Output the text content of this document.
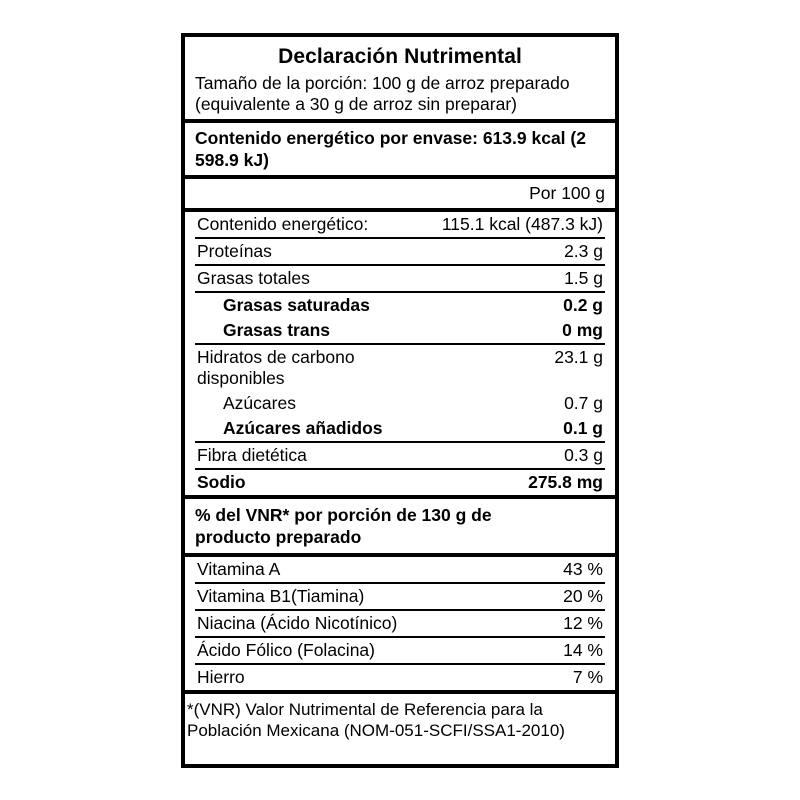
Declaración Nutrimental
Tamaño de la porción: 100 g de arroz preparado
(equivalente a 30 g de arroz sin preparar)
Contenido energético por envase: 613.9 kcal (2 598.9 kJ)
Por 100 g
Contenido energético:	115.1 kcal (487.3 kJ)
Proteínas	2.3 g
Grasas totales	1.5 g
Grasas saturadas	0.2 g
Grasas trans	0 mg
Hidratos de carbono disponibles	23.1 g
Azúcares	0.7 g
Azúcares añadidos	0.1 g
Fibra dietética	0.3 g
Sodio	275.8 mg
% del VNR* por porción de 130 g de
producto preparado
Vitamina A	43 %
Vitamina B1(Tiamina)	20 %
Niacina (Ácido Nicotínico)	12 %
Ácido Fólico (Folacina)	14 %
Hierro	7 %
*(VNR) Valor Nutrimental de Referencia para la
Población Mexicana (NOM-051-SCFI/SSA1-2010)
